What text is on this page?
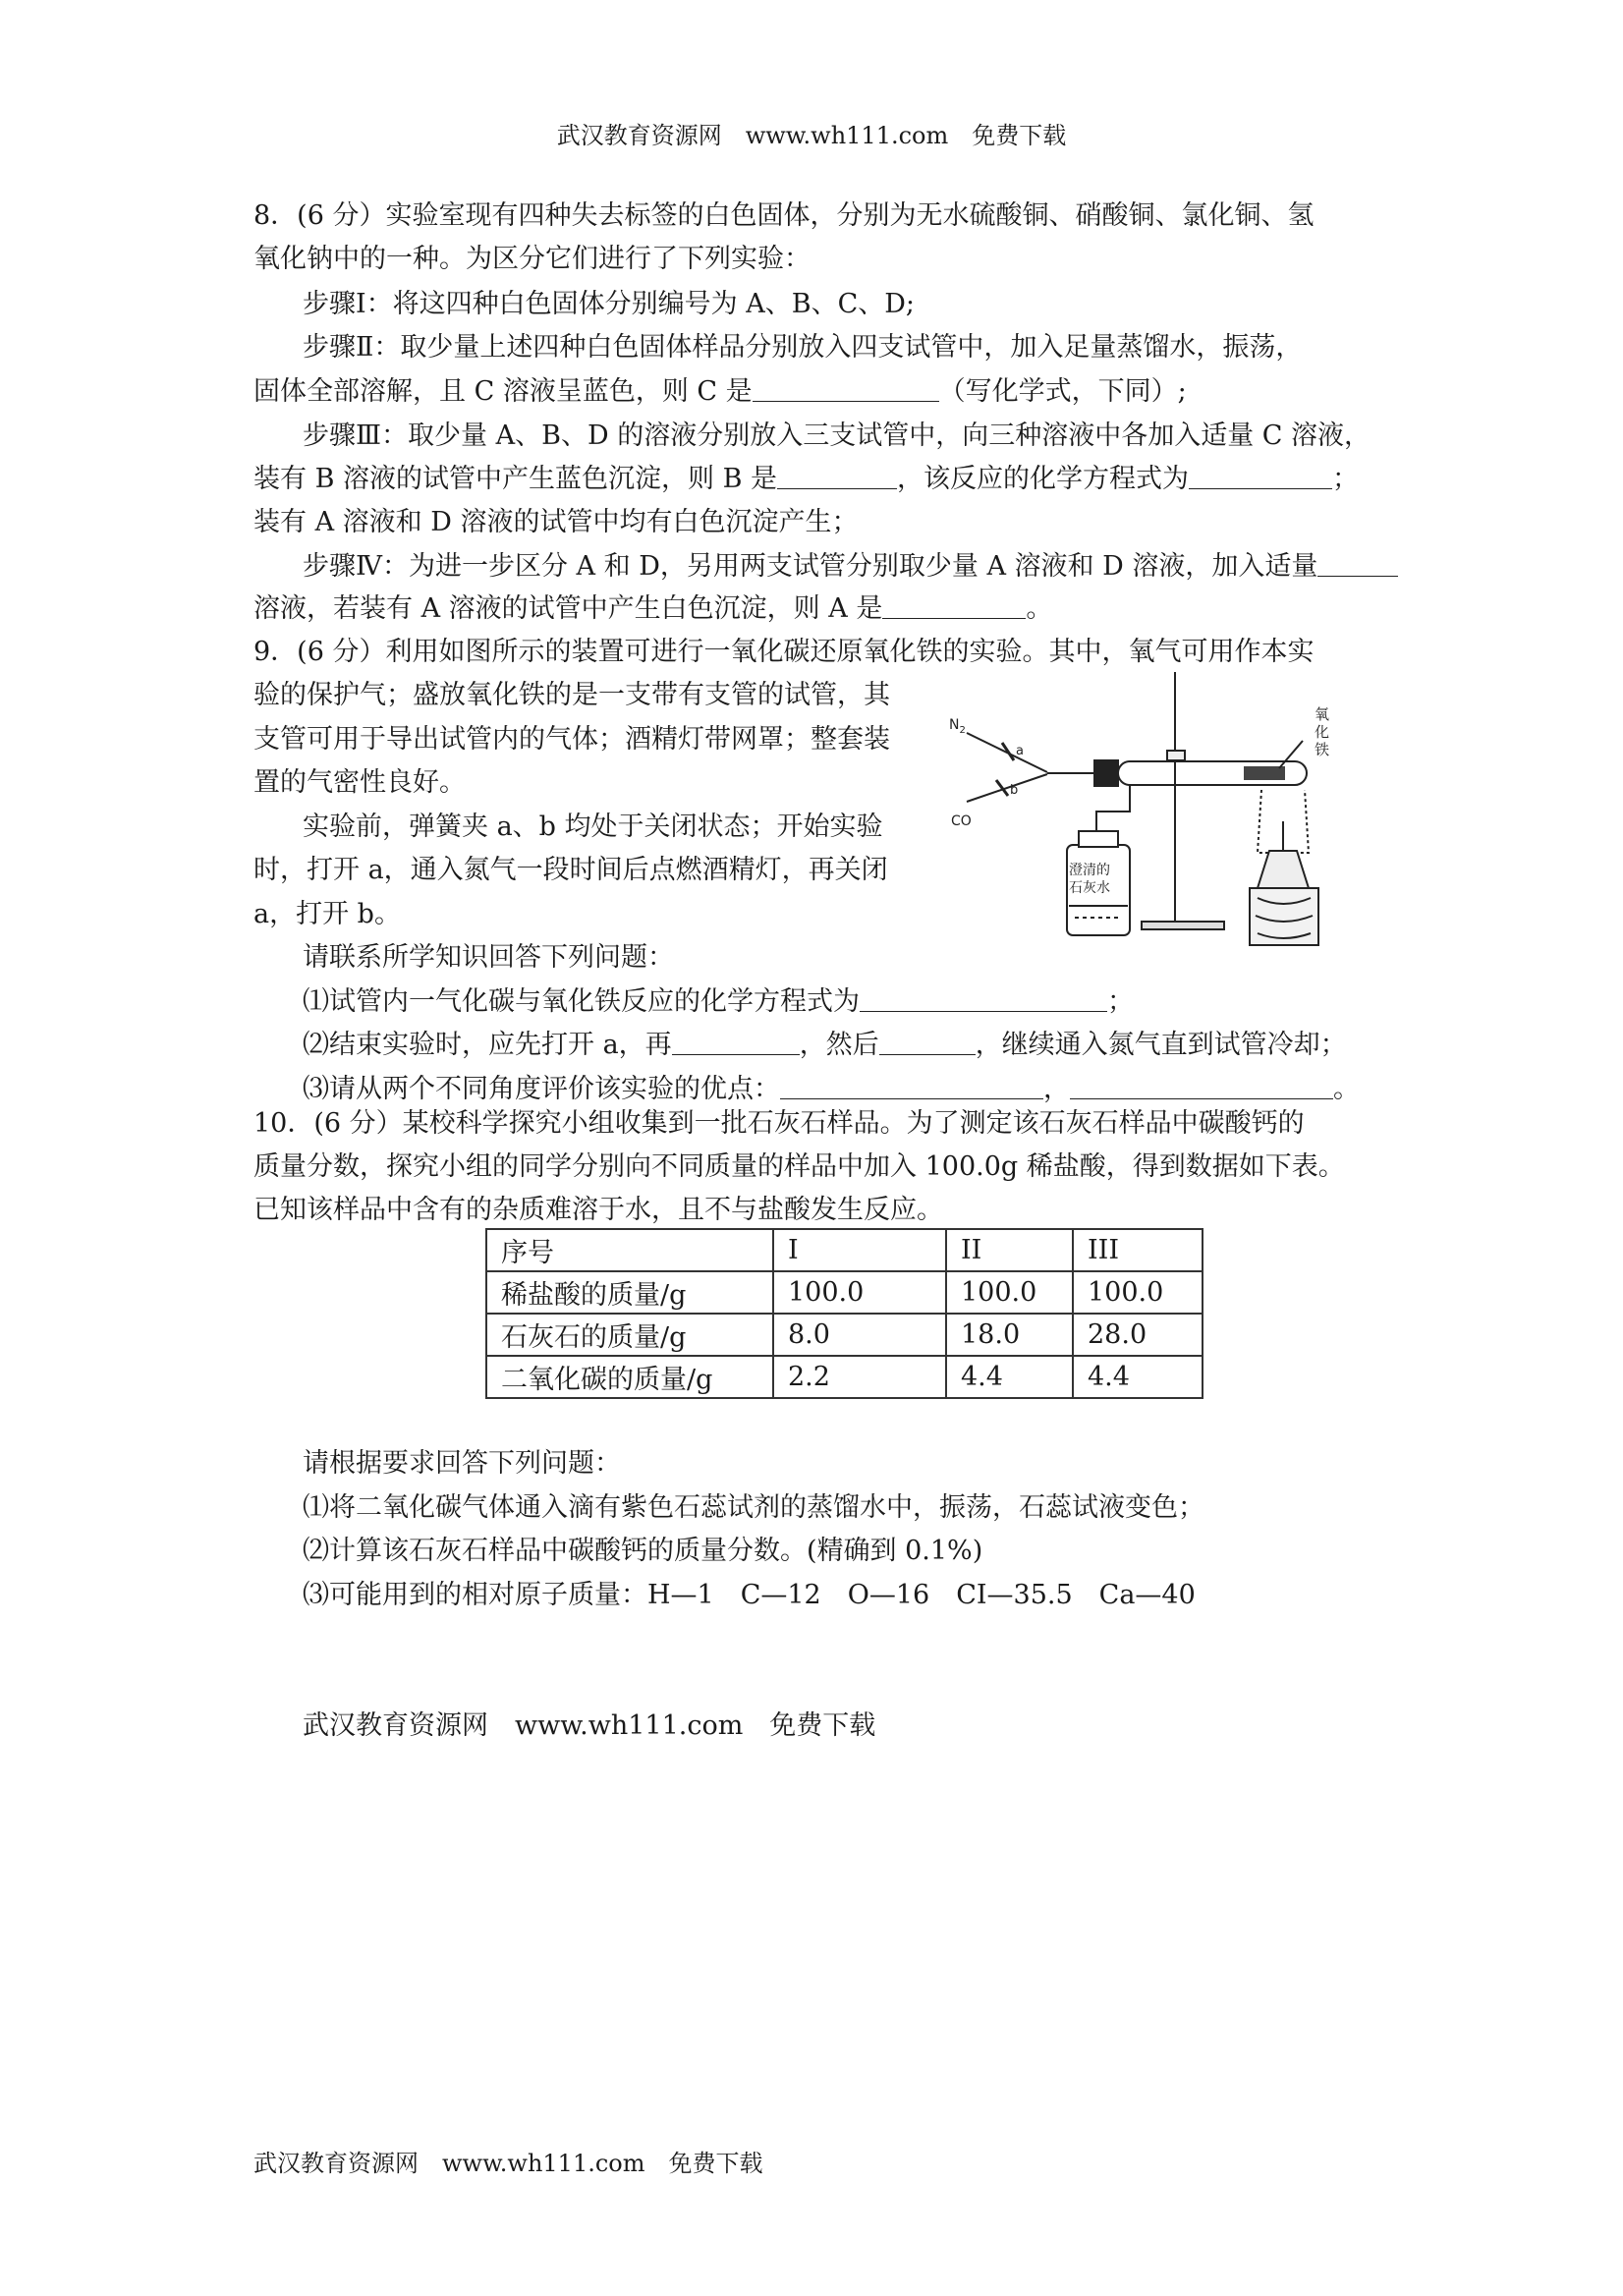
武汉教育资源网　www.wh111.com　免费下载
8．(6 分）实验室现有四种失去标签的白色固体，分别为无水硫酸铜、硝酸铜、氯化铜、氢
氧化钠中的一种。为区分它们进行了下列实验：
步骤Ⅰ：将这四种白色固体分别编号为 A、B、C、D;
步骤Ⅱ：取少量上述四种白色固体样品分别放入四支试管中，加入足量蒸馏水，振荡，
固体全部溶解，且 C 溶液呈蓝色，则 C 是	（写化学式，下同）;
步骤Ⅲ：取少量 A、B、D 的溶液分别放入三支试管中，向三种溶液中各加入适量 C 溶液，
装有 B 溶液的试管中产生蓝色沉淀，则 B 是	，该反应的化学方程式为	；
装有 A 溶液和 D 溶液的试管中均有白色沉淀产生；
步骤Ⅳ：为进一步区分 A 和 D，另用两支试管分别取少量 A 溶液和 D 溶液，加入适量
溶液，若装有 A 溶液的试管中产生白色沉淀，则 A 是	。
9．(6 分）利用如图所示的装置可进行一氧化碳还原氧化铁的实验。其中，氧气可用作本实
验的保护气；盛放氧化铁的是一支带有支管的试管，其
支管可用于导出试管内的气体；酒精灯带网罩；整套装
置的气密性良好。
实验前，弹簧夹 a、b 均处于关闭状态；开始实验
时，打开 a，通入氮气一段时间后点燃酒精灯，再关闭
a，打开 b。
$N_2$
CO
a
b
氧
化
铁
澄清的
石灰水
请联系所学知识回答下列问题：
⑴试管内一气化碳与氧化铁反应的化学方程式为	；
⑵结束实验时，应先打开 a，再	，然后	，继续通入氮气直到试管冷却；
⑶请从两个不同角度评价该实验的优点：	，	。
10．(6 分）某校科学探究小组收集到一批石灰石样品。为了测定该石灰石样品中碳酸钙的
质量分数，探究小组的同学分别向不同质量的样品中加入 100.0g 稀盐酸，得到数据如下表。
已知该样品中含有的杂质难溶于水，且不与盐酸发生反应。
序号	I	II	III
稀盐酸的质量/g	100.0	100.0	100.0
石灰石的质量/g	8.0	18.0	28.0
二氧化碳的质量/g	2.2	4.4	4.4
请根据要求回答下列问题：
⑴将二氧化碳气体通入滴有紫色石蕊试剂的蒸馏水中，振荡，石蕊试液变色；
⑵计算该石灰石样品中碳酸钙的质量分数。(精确到 0.1%)
⑶可能用到的相对原子质量：H—1　C—12　O—16　CI—35.5　Ca—40
武汉教育资源网　www.wh111.com　免费下载
武汉教育资源网　www.wh111.com　免费下载
